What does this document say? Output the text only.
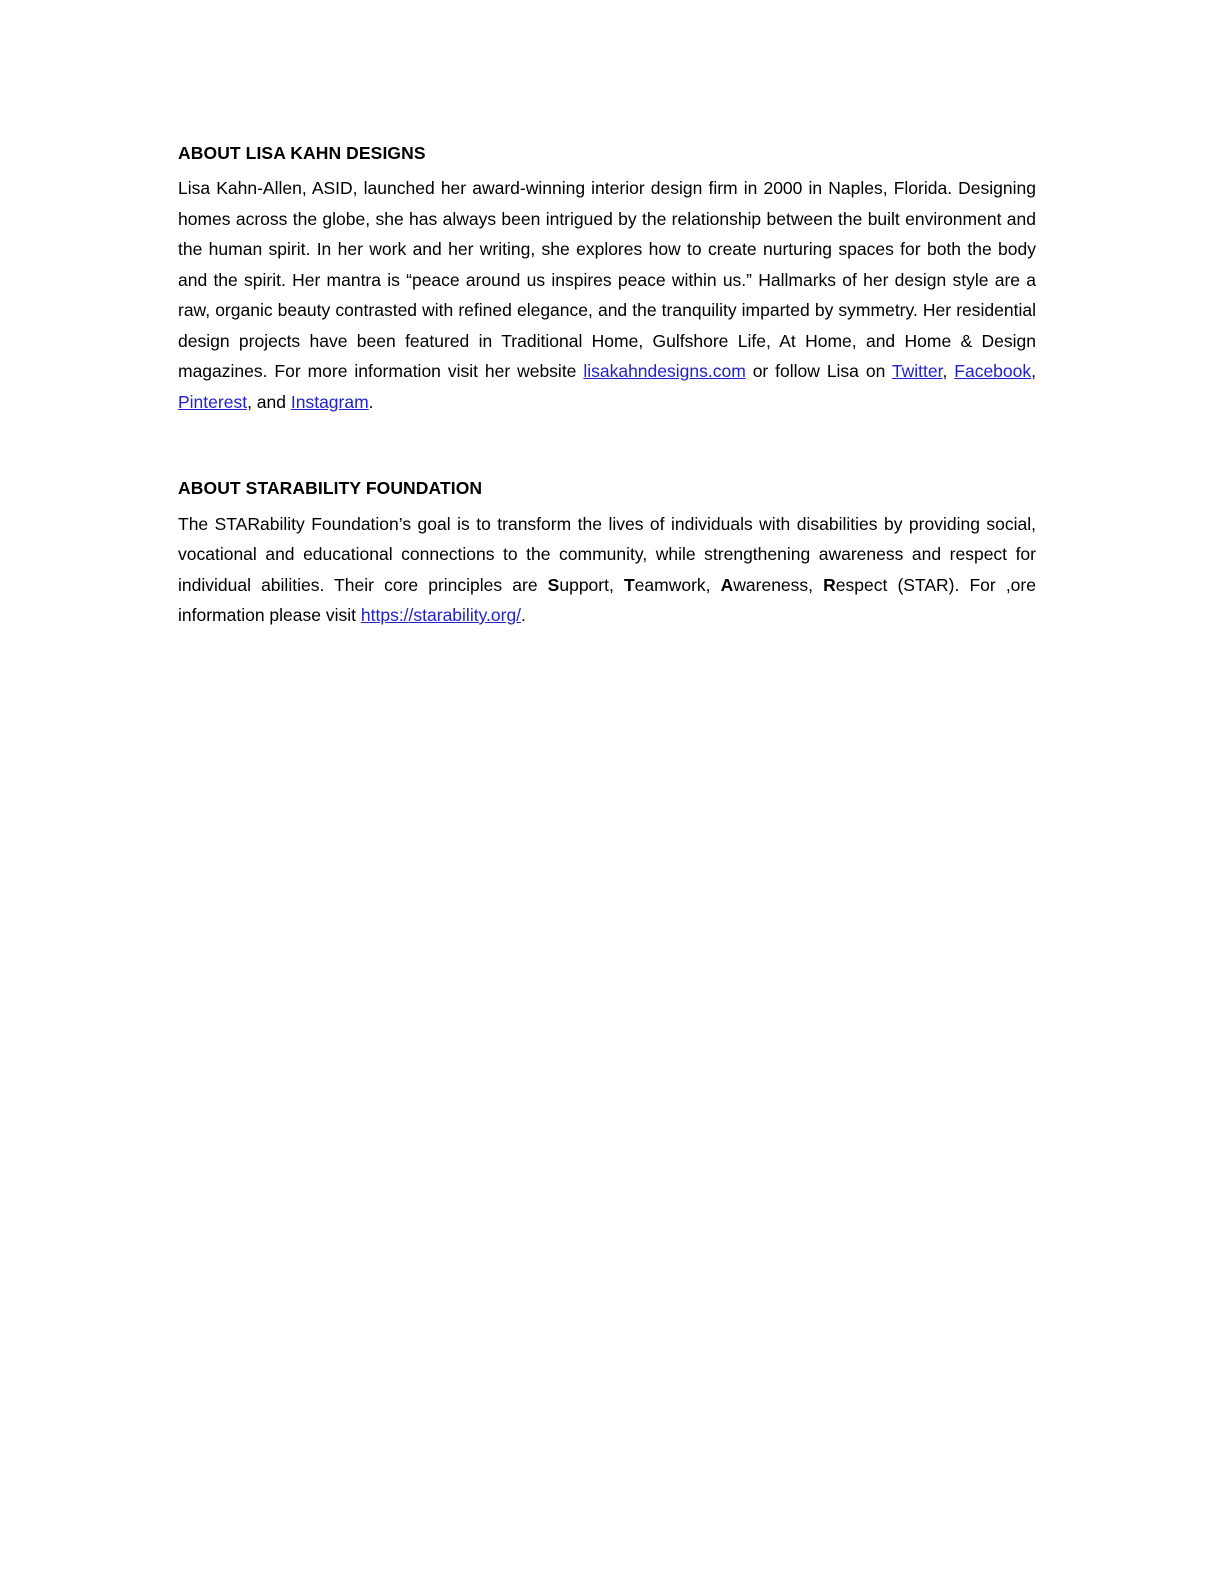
ABOUT LISA KAHN DESIGNS

Lisa Kahn-Allen, ASID, launched her award-winning interior design firm in 2000 in Naples, Florida. Designing homes across the globe, she has always been intrigued by the relationship between the built environment and the human spirit. In her work and her writing, she explores how to create nurturing spaces for both the body and the spirit. Her mantra is “peace around us inspires peace within us.” Hallmarks of her design style are a raw, organic beauty contrasted with refined elegance, and the tranquility imparted by symmetry. Her residential design projects have been featured in Traditional Home, Gulfshore Life, At Home, and Home & Design magazines. For more information visit her website lisakahndesigns.com or follow Lisa on Twitter, Facebook, Pinterest, and Instagram.

ABOUT STARABILITY FOUNDATION

The STARability Foundation’s goal is to transform the lives of individuals with disabilities by providing social, vocational and educational connections to the community, while strengthening awareness and respect for individual abilities. Their core principles are Support, Teamwork, Awareness, Respect (STAR). For ,ore information please visit https://starability.org/.
